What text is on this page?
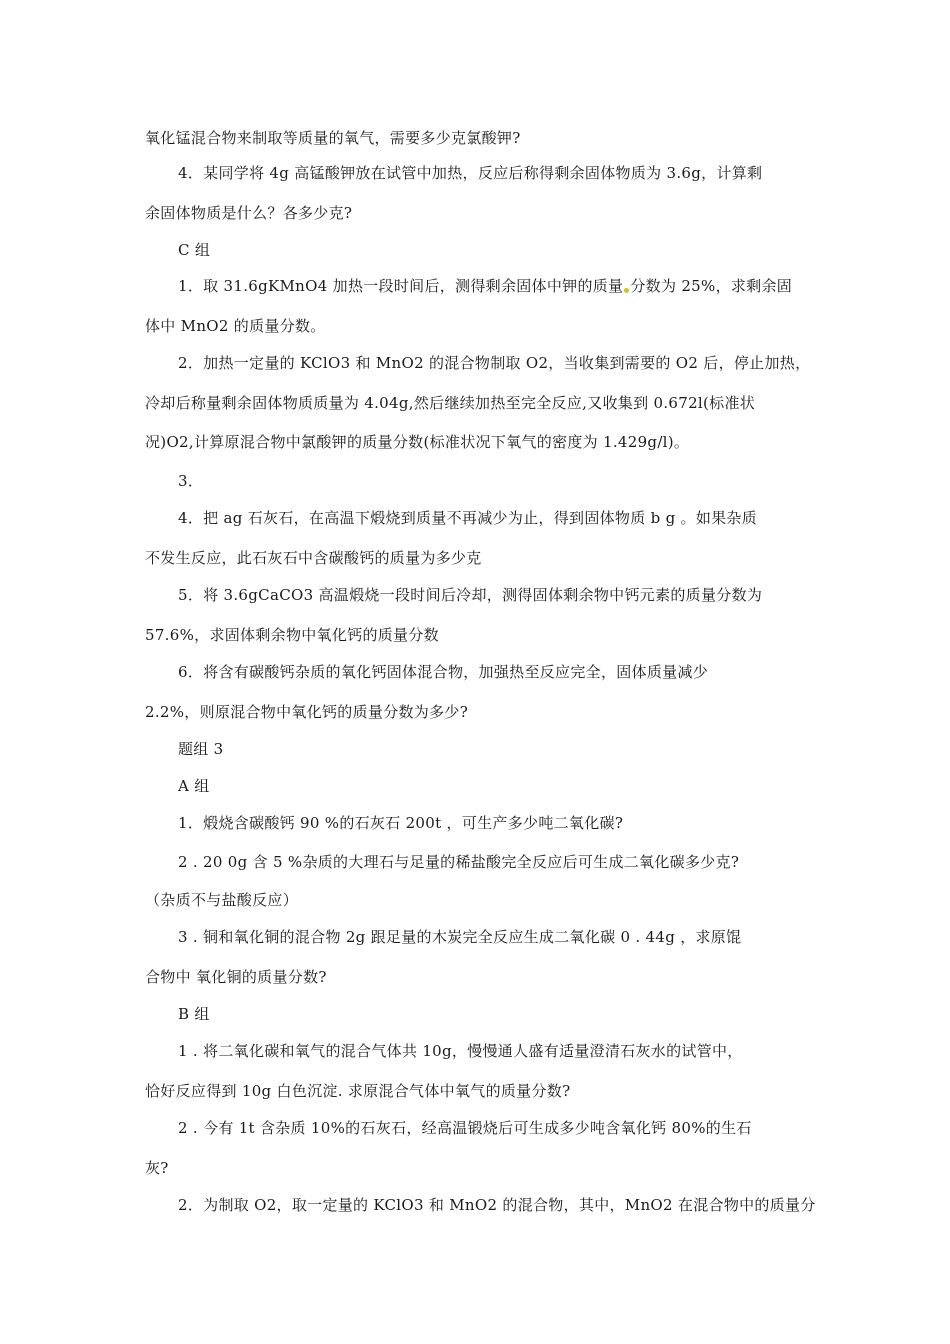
氧化锰混合物来制取等质量的氧气，需要多少克氯酸钾?
4．某同学将 4g 高锰酸钾放在试管中加热，反应后称得剩余固体物质为 3.6g，计算剩
余固体物质是什么？各多少克?
C 组
1．取 31.6gKMnO4 加热一段时间后，测得剩余固体中钾的质量 分数为 25%，求剩余固
体中 MnO2 的质量分数。
2．加热一定量的 KClO3 和 MnO2 的混合物制取 O2，当收集到需要的 O2 后，停止加热，
冷却后称量剩余固体物质质量为 4.04g,然后继续加热至完全反应,又收集到 0.672l(标准状
况)O2,计算原混合物中氯酸钾的质量分数(标准状况下氧气的密度为 1.429g/l)。
3．
4．把 ag 石灰石，在高温下煅烧到质量不再减少为止，得到固体物质 b g 。如果杂质
不发生反应，此石灰石中含碳酸钙的质量为多少克
5．将 3.6gCaCO3 高温煅烧一段时间后冷却，测得固体剩余物中钙元素的质量分数为
57.6%，求固体剩余物中氧化钙的质量分数
6．将含有碳酸钙杂质的氧化钙固体混合物，加强热至反应完全，固体质量减少
2.2%，则原混合物中氧化钙的质量分数为多少?
题组 3
A 组
1．煅烧含碳酸钙 90 %的石灰石 200t ，可生产多少吨二氧化碳?
2 . 20 0g 含 5 %杂质的大理石与足量的稀盐酸完全反应后可生成二氧化碳多少克?
（杂质不与盐酸反应）
3 . 铜和氧化铜的混合物 2g 跟足量的木炭完全反应生成二氧化碳 0 . 44g ，求原馄
合物中 氧化铜的质量分数?
B 组
1 . 将二氧化碳和氧气的混合气体共 10g，慢慢通人盛有适量澄清石灰水的试管中，
恰好反应得到 10g 白色沉淀. 求原混合气体中氧气的质量分数?
2 . 今有 1t 含杂质 10%的石灰石，经高温锻烧后可生成多少吨含氧化钙 80%的生石
灰?
2．为制取 O2，取一定量的 KClO3 和 MnO2 的混合物，其中，MnO2 在混合物中的质量分
